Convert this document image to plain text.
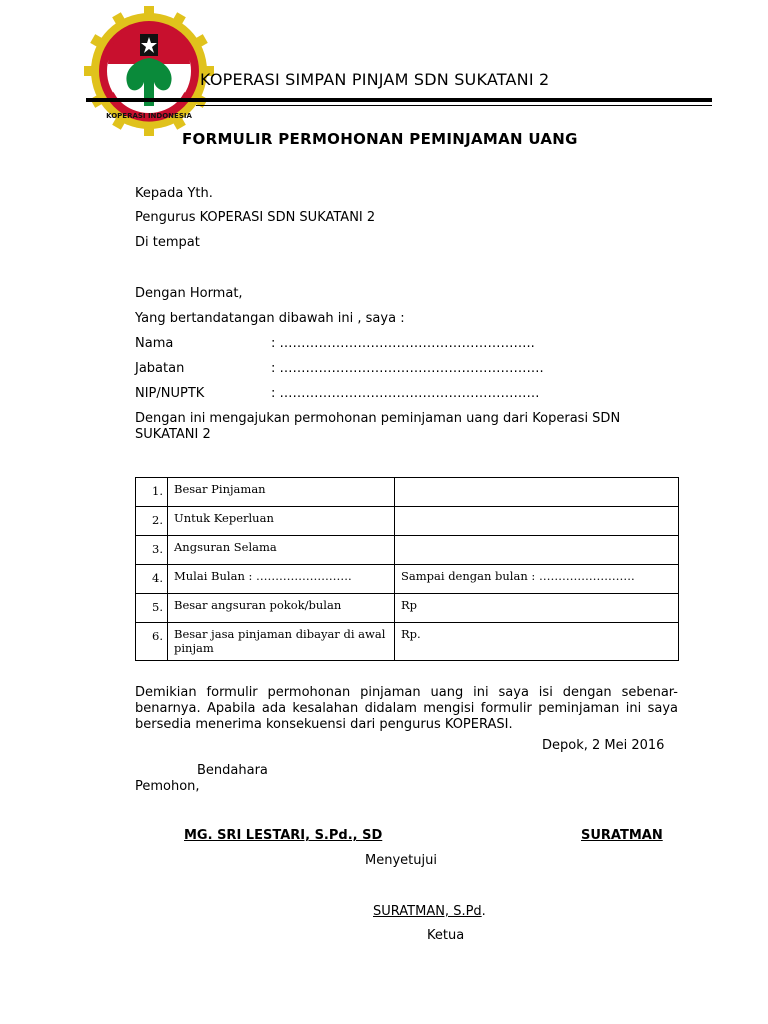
KOPERASI INDONESIA
KOPERASI SIMPAN PINJAM SDN SUKATANI 2
FORMULIR PERMOHONAN PEMINJAMAN UANG
Kepada Yth.
Pengurus KOPERASI SDN SUKATANI 2
Di tempat
Dengan Hormat,
Yang bertandatangan dibawah ini , saya :
Nama	: …………………………………………………..
Jabatan	: …………………………………………………….
NIP/NUPTK	: ……………………………………………………
Dengan ini mengajukan permohonan peminjaman uang dari Koperasi SDN SUKATANI 2
1.	Besar Pinjaman	
2.	Untuk Keperluan	
3.	Angsuran Selama	
4.	Mulai Bulan : …………………….	Sampai dengan bulan : …………………….
5.	Besar angsuran pokok/bulan	Rp
6.	Besar jasa pinjaman dibayar di awal pinjam	Rp.
Demikian formulir permohonan pinjaman uang ini saya isi dengan sebenar-benarnya. Apabila ada kesalahan didalam mengisi formulir peminjaman ini saya bersedia menerima konsekuensi dari pengurus KOPERASI.
Depok, 2 Mei 2016
Bendahara
Pemohon,
MG. SRI LESTARI, S.Pd., SD	SURATMAN
Menyetujui
SURATMAN, S.Pd.
Ketua
